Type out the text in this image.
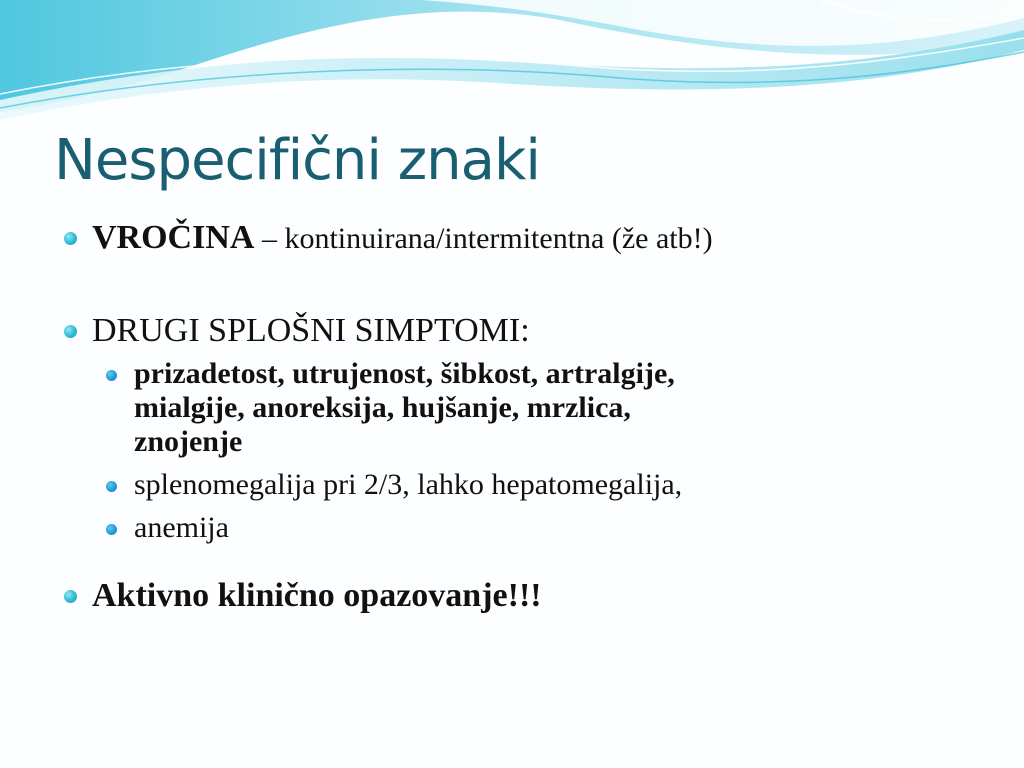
Nespecifični znaki
VROČINA – kontinuirana/intermitentna (že atb!)
DRUGI SPLOŠNI SIMPTOMI:
prizadetost, utrujenost, šibkost, artralgije,
mialgije, anoreksija, hujšanje, mrzlica,
znojenje
splenomegalija pri 2/3, lahko hepatomegalija,
anemija
Aktivno klinično opazovanje!!!
